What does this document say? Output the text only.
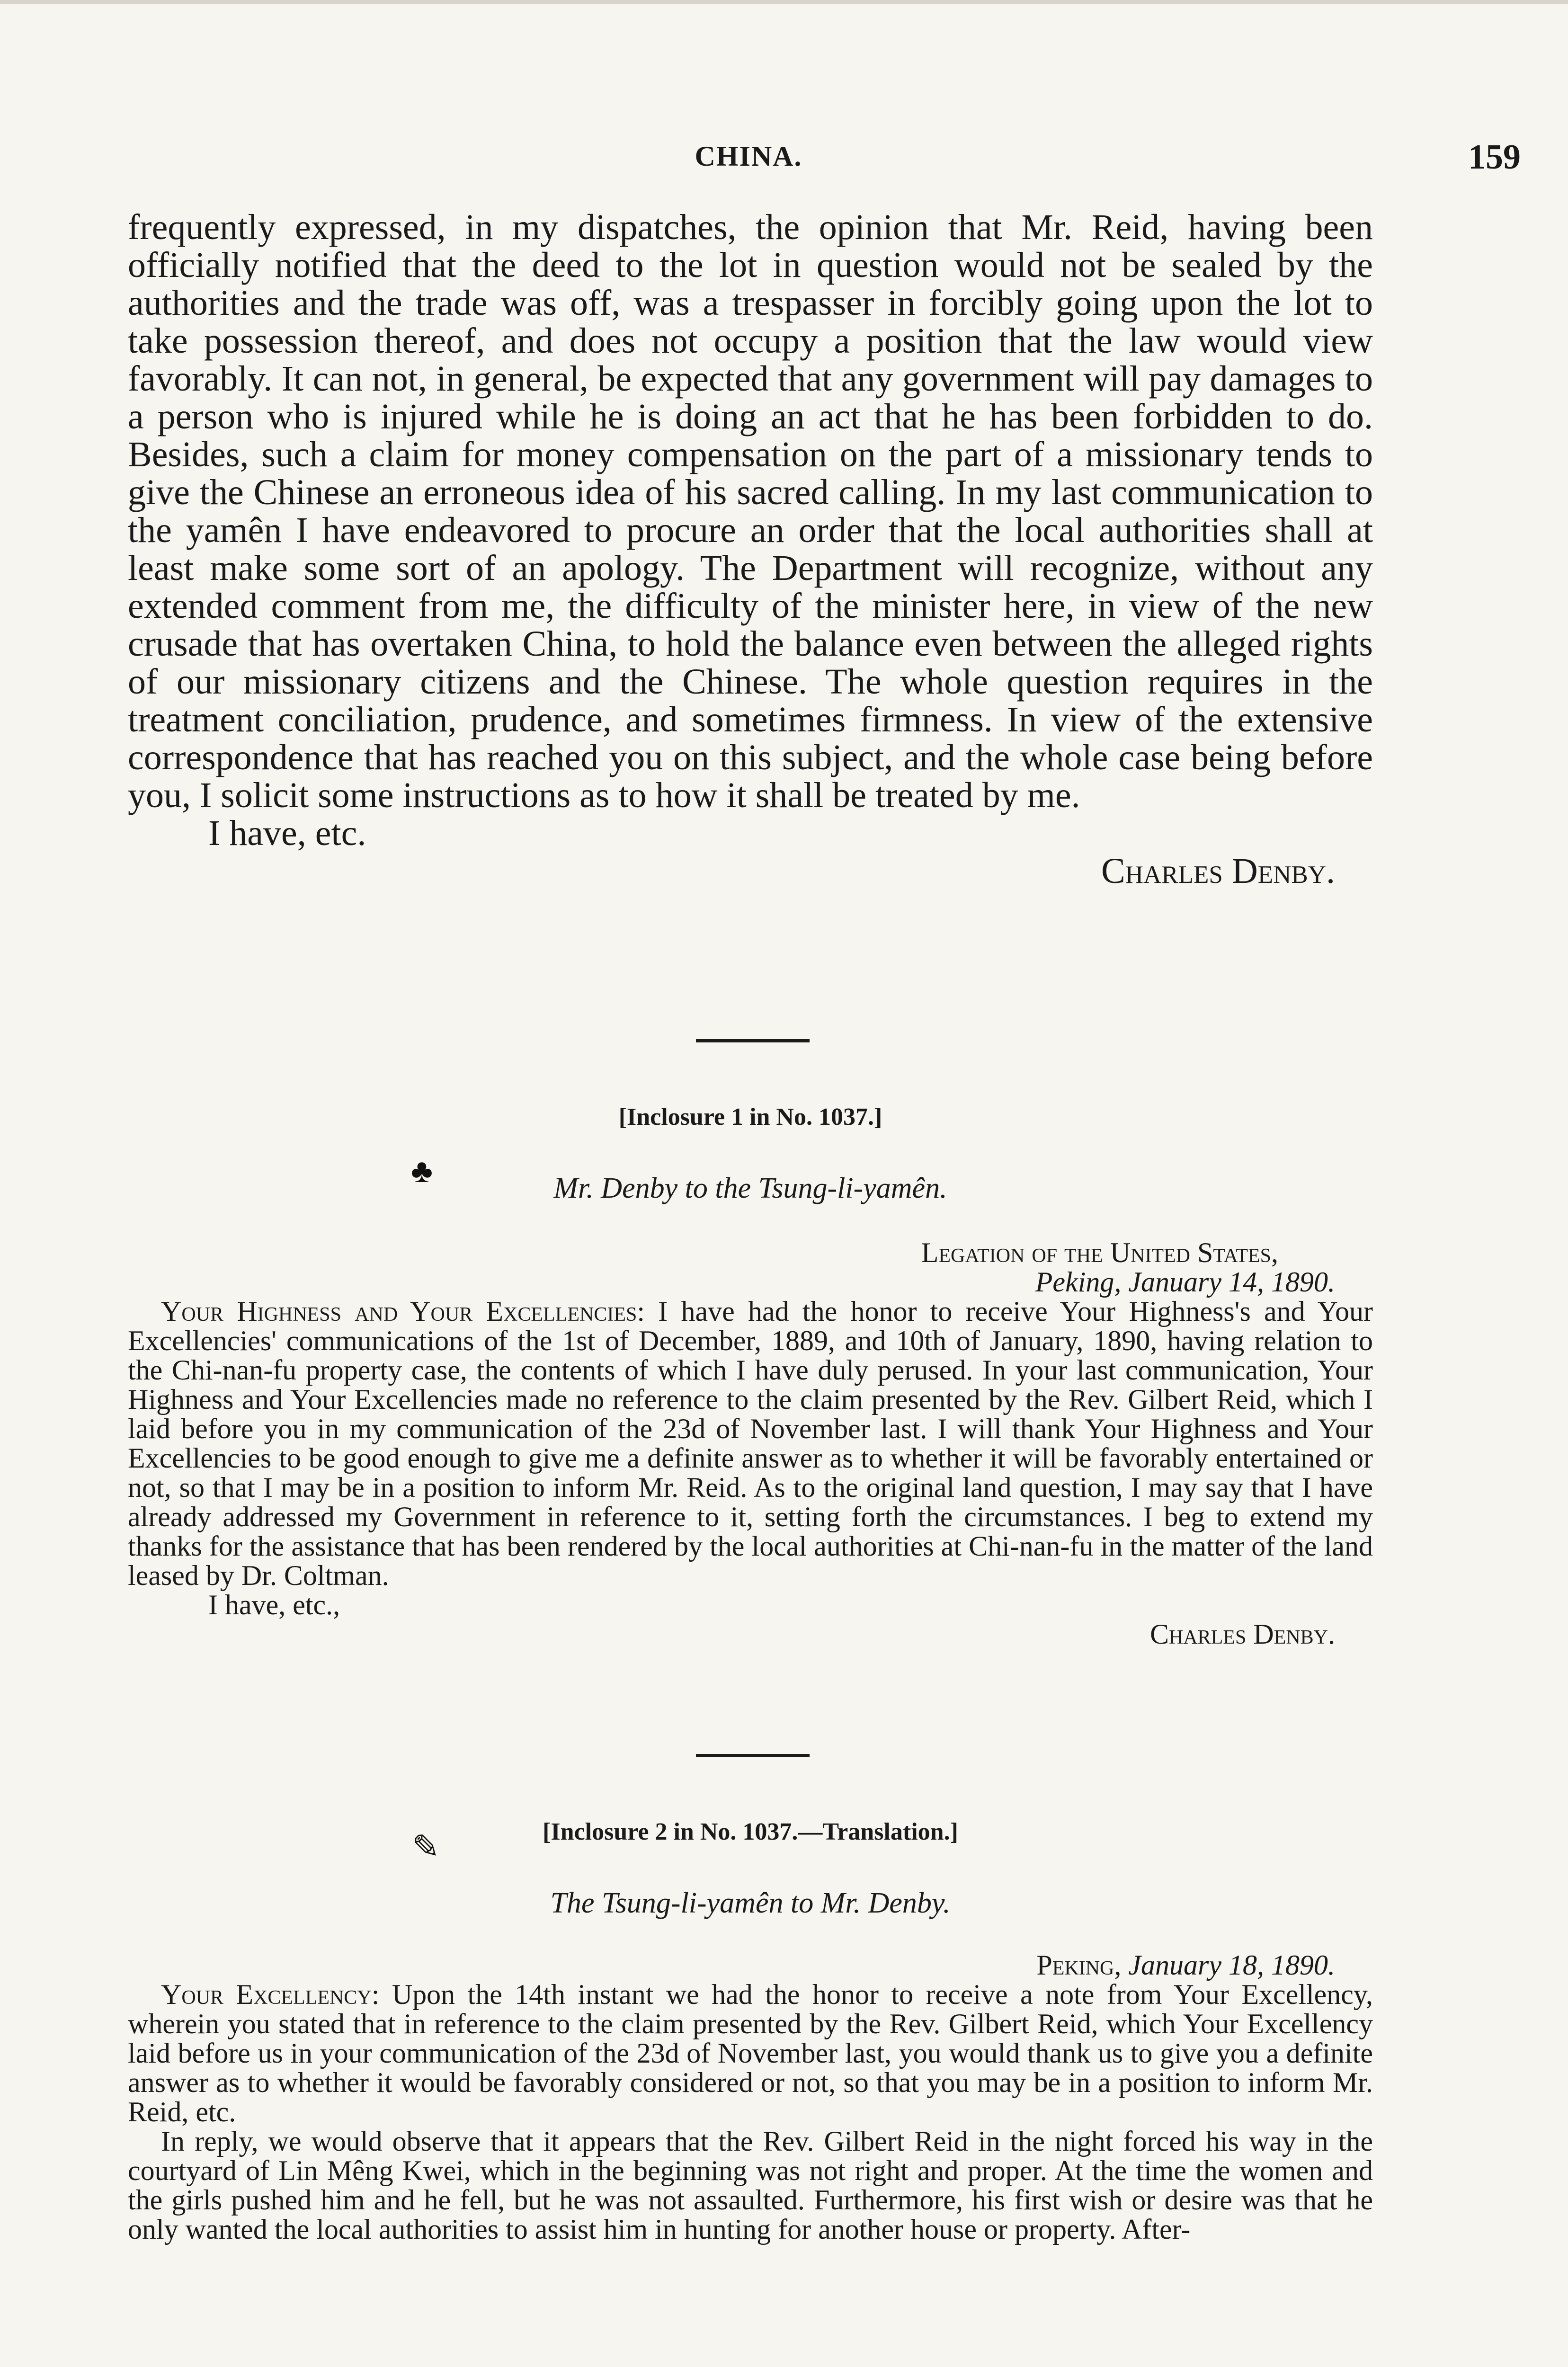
CHINA.	159

frequently expressed, in my dispatches, the opinion that Mr. Reid, having been officially notified that the deed to the lot in question would not be sealed by the authorities and the trade was off, was a trespasser in forcibly going upon the lot to take possession thereof, and does not occupy a position that the law would view favorably. It can not, in general, be expected that any government will pay damages to a person who is injured while he is doing an act that he has been forbidden to do. Besides, such a claim for money compensation on the part of a missionary tends to give the Chinese an erroneous idea of his sacred calling. In my last communication to the yamên I have endeavored to procure an order that the local authorities shall at least make some sort of an apology. The Department will recognize, without any extended comment from me, the difficulty of the minister here, in view of the new crusade that has overtaken China, to hold the balance even between the alleged rights of our missionary citizens and the Chinese. The whole question requires in the treatment conciliation, prudence, and sometimes firmness. In view of the extensive correspondence that has reached you on this subject, and the whole case being before you, I solicit some instructions as to how it shall be treated by me.

I have, etc.

Charles Denby.

[Inclosure 1 in No. 1037.]
♣	Mr. Denby to the Tsung-li-yamên.

Legation of the United States,

Peking, January 14, 1890.

Your Highness and Your Excellencies: I have had the honor to receive Your Highness's and Your Excellencies' communications of the 1st of December, 1889, and 10th of January, 1890, having relation to the Chi-nan-fu property case, the contents of which I have duly perused. In your last communication, Your Highness and Your Excellencies made no reference to the claim presented by the Rev. Gilbert Reid, which I laid before you in my communication of the 23d of November last. I will thank Your Highness and Your Excellencies to be good enough to give me a definite answer as to whether it will be favorably entertained or not, so that I may be in a position to inform Mr. Reid. As to the original land question, I may say that I have already addressed my Government in reference to it, setting forth the circumstances. I beg to extend my thanks for the assistance that has been rendered by the local authorities at Chi-nan-fu in the matter of the land leased by Dr. Coltman.

I have, etc.,

Charles Denby.

[Inclosure 2 in No. 1037.—Translation.]
✎
The Tsung-li-yamên to Mr. Denby.

Peking, January 18, 1890.

Your Excellency: Upon the 14th instant we had the honor to receive a note from Your Excellency, wherein you stated that in reference to the claim presented by the Rev. Gilbert Reid, which Your Excellency laid before us in your communication of the 23d of November last, you would thank us to give you a definite answer as to whether it would be favorably considered or not, so that you may be in a position to inform Mr. Reid, etc.

In reply, we would observe that it appears that the Rev. Gilbert Reid in the night forced his way in the courtyard of Lin Mêng Kwei, which in the beginning was not right and proper. At the time the women and the girls pushed him and he fell, but he was not assaulted. Furthermore, his first wish or desire was that he only wanted the local authorities to assist him in hunting for another house or property. After-
